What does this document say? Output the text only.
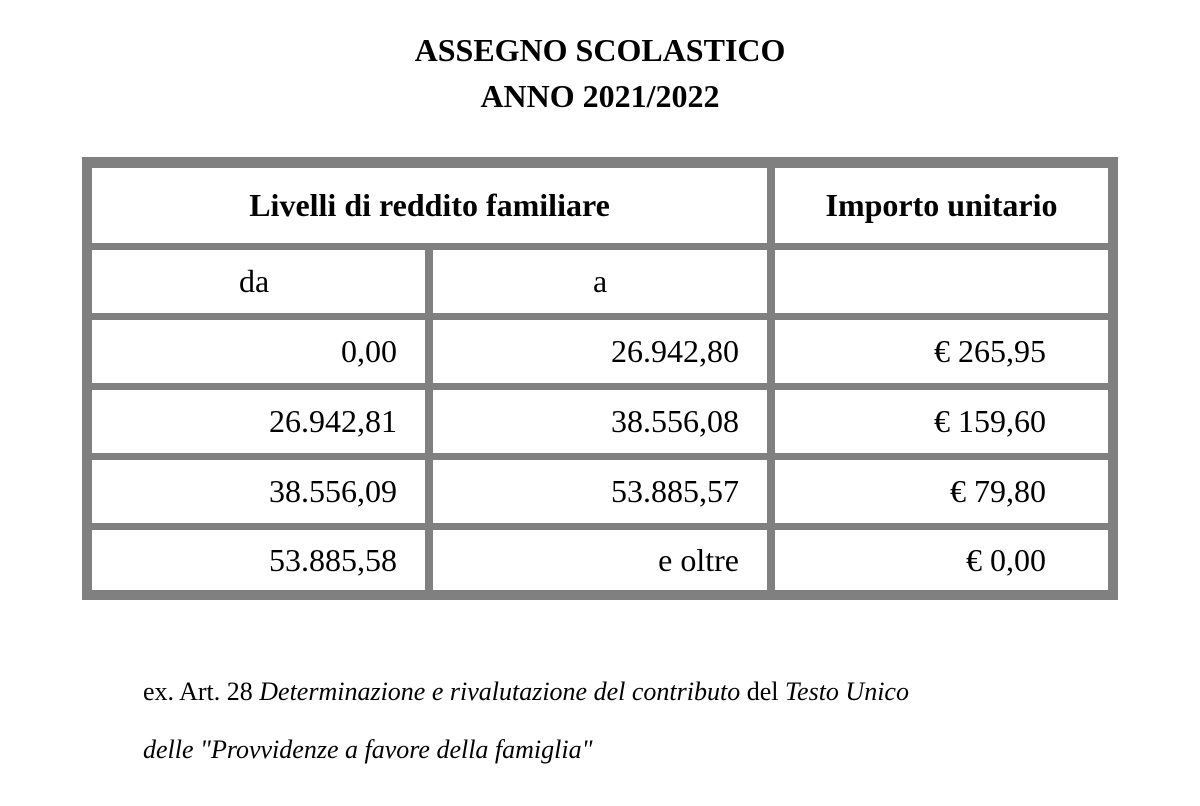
ASSEGNO SCOLASTICO
ANNO 2021/2022
Livelli di reddito familiare	Importo unitario
da	a
0,00	26.942,80	€ 265,95
26.942,81	38.556,08	€ 159,60
38.556,09	53.885,57	€ 79,80
53.885,58	e oltre	€ 0,00
ex. Art. 28 Determinazione e rivalutazione del contributo del Testo Unico
delle "Provvidenze a favore della famiglia"
